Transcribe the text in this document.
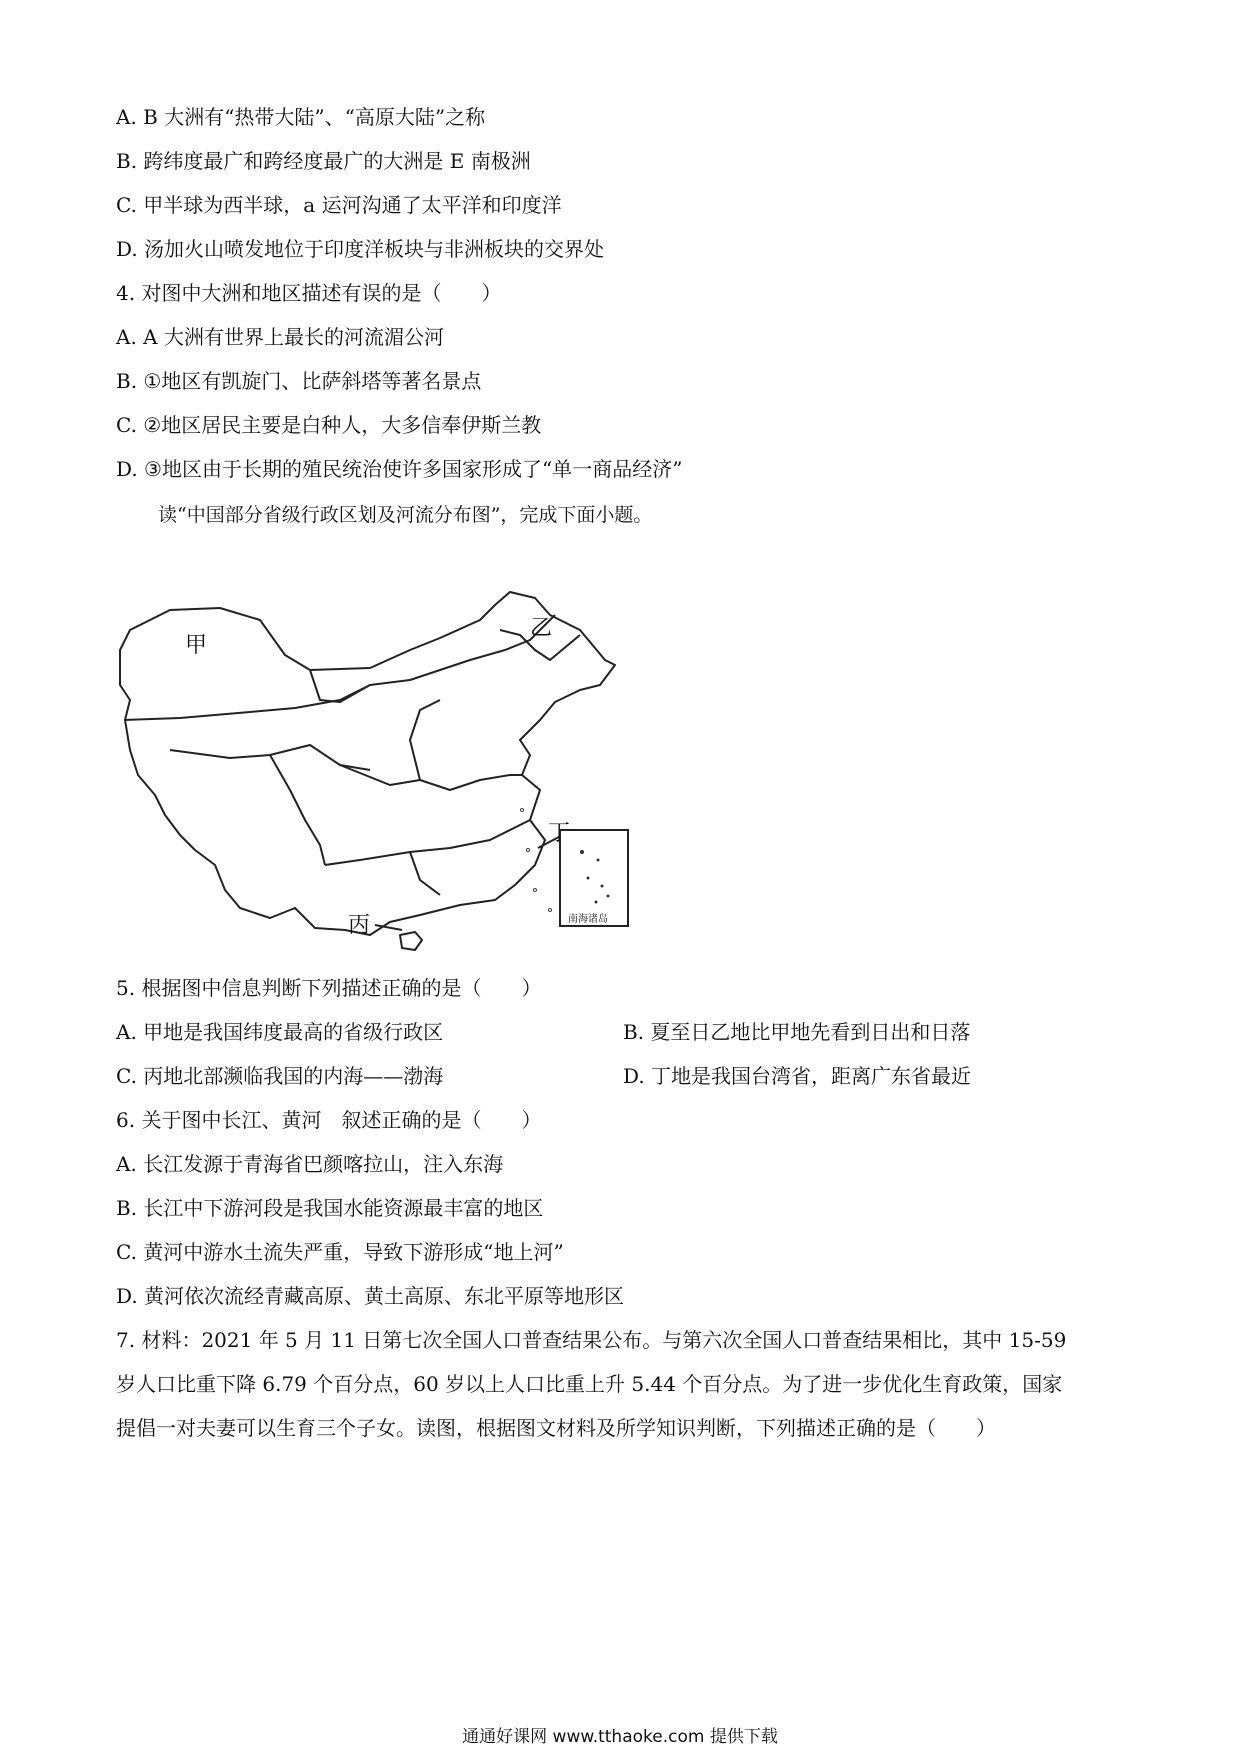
A. B 大洲有“热带大陆”、“高原大陆”之称

B. 跨纬度最广和跨经度最广的大洲是 E 南极洲

C. 甲半球为西半球，a 运河沟通了太平洋和印度洋

D. 汤加火山喷发地位于印度洋板块与非洲板块的交界处

4. 对图中大洲和地区描述有误的是（　　）

A. A 大洲有世界上最长的河流湄公河

B. ①地区有凯旋门、比萨斜塔等著名景点

C. ②地区居民主要是白种人，大多信奉伊斯兰教

D. ③地区由于长期的殖民统治使许多国家形成了“单一商品经济”

读“中国部分省级行政区划及河流分布图”，完成下面小题。

甲
乙
丙
丁
南海诸岛

5. 根据图中信息判断下列描述正确的是（　　）

A. 甲地是我国纬度最高的省级行政区	B. 夏至日乙地比甲地先看到日出和日落

C. 丙地北部濒临我国的内海——渤海	D. 丁地是我国台湾省，距离广东省最近

6. 关于图中长江、黄河　叙述正确的是（　　）

A. 长江发源于青海省巴颜喀拉山，注入东海

B. 长江中下游河段是我国水能资源最丰富的地区

C. 黄河中游水土流失严重，导致下游形成“地上河”

D. 黄河依次流经青藏高原、黄土高原、东北平原等地形区

7. 材料：2021 年 5 月 11 日第七次全国人口普查结果公布。与第六次全国人口普查结果相比，其中 15-59

岁人口比重下降 6.79 个百分点，60 岁以上人口比重上升 5.44 个百分点。为了进一步优化生育政策，国家

提倡一对夫妻可以生育三个子女。读图，根据图文材料及所学知识判断，下列描述正确的是（　　）

通通好课网 www.tthaoke.com 提供下载
